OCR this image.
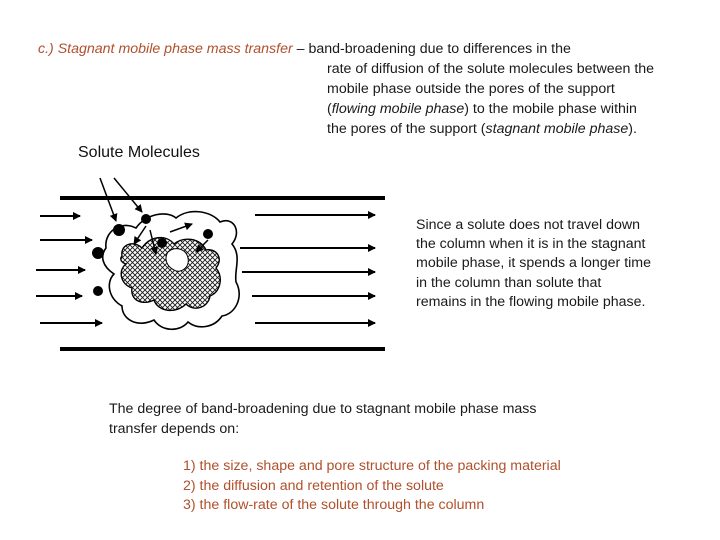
c.) Stagnant mobile phase mass transfer – band-broadening due to differences in the
rate of diffusion of the solute molecules between the
mobile phase outside the pores of the support
(flowing mobile phase) to the mobile phase within
the pores of the support (stagnant mobile phase).
Solute Molecules
Since a solute does not travel down
the column when it is in the stagnant
mobile phase, it spends a longer time
in the column than solute that
remains in the flowing mobile phase.
The degree of band-broadening due to stagnant mobile phase mass
transfer depends on:
1) the size, shape and pore structure of the packing material
2) the diffusion and retention of the solute
3) the flow-rate of the solute through the column
